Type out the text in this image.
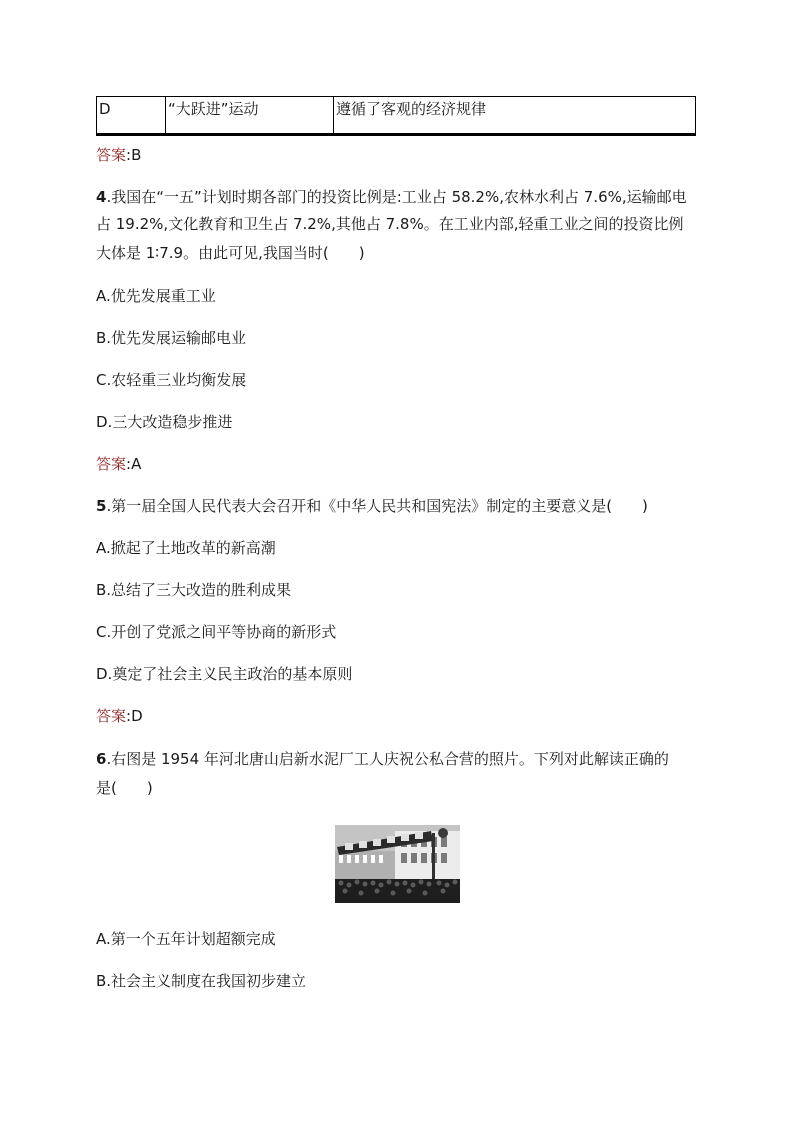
D	“大跃进”运动	遵循了客观的经济规律
答案:B
4.我国在“一五”计划时期各部门的投资比例是:工业占 58.2%,农林水利占 7.6%,运输邮电
占 19.2%,文化教育和卫生占 7.2%,其他占 7.8%。在工业内部,轻重工业之间的投资比例
大体是 1∶7.9。由此可见,我国当时(　　)
A.优先发展重工业
B.优先发展运输邮电业
C.农轻重三业均衡发展
D.三大改造稳步推进
答案:A
5.第一届全国人民代表大会召开和《中华人民共和国宪法》制定的主要意义是(　　)
A.掀起了土地改革的新高潮
B.总结了三大改造的胜利成果
C.开创了党派之间平等协商的新形式
D.奠定了社会主义民主政治的基本原则
答案:D
6.右图是 1954 年河北唐山启新水泥厂工人庆祝公私合营的照片。下列对此解读正确的
是(　　)
A.第一个五年计划超额完成
B.社会主义制度在我国初步建立
